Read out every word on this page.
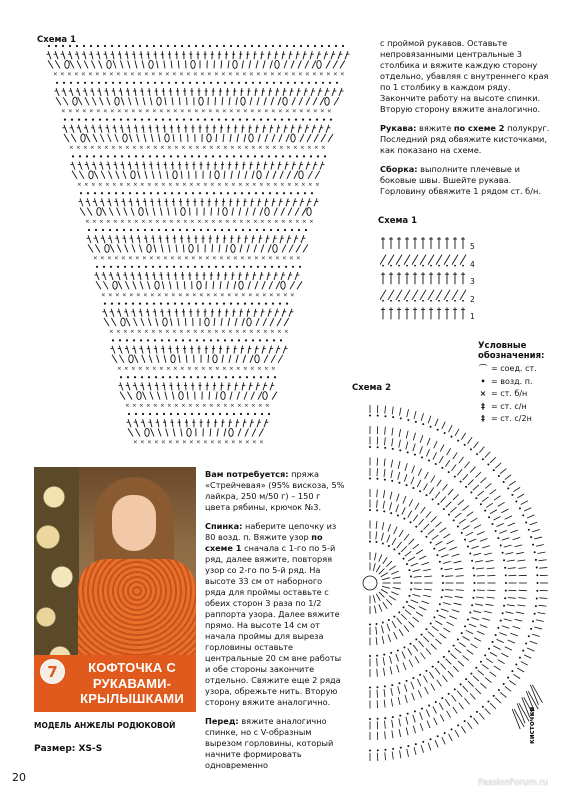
Схема 1
× × × × × × × × × × × × × × × × × × × × × × × × × × × × × × × × × × × × × × × × × ×
× × × × × × × × × × × × × × × × × × × × × × × × × × × × × × × × × × × × × × ×
× × × × × × × × × × × × × × × × × × × × × × × × × × × × × × × × × × × × ×
× × × × × × × × × × × × × × × × × × × × × × × × × × × × × × × × × × ×
× × × × × × × × × × × × × × × × × × × × × × × × × × × × × × × × ×
× × × × × × × × × × × × × × × × × × × × × × × × × × × × × ×
× × × × × × × × × × × × × × × × × × × × × × × × × × × ×
× × × × × × × × × × × × × × × × × × × × × × × × × ×
× × × × × × × × × × × × × × × × × × × × × × ×
× × × × × × × × × × × × × × × × × × × × ×
× × × × × × × × × × × × × × × × × × ×

с проймой рукавов. Оставьте непровязанными центральные 3 столбика и вяжите каждую сторону отдельно, убавляя с внутреннего края по 1 столбику в каждом ряду. Закончите работу на высоте спинки. Вторую сторону вяжите аналогично.

Рукава: вяжите по схеме 2 полукруг. Последний ряд обвяжите кисточками, как показано на схеме.

Сборка: выполните плечевые и боковые швы. Вшейте рукава. Горловину обвяжите 1 рядом ст. б/н.

Схема 1
5
4
3
2
1
Условные обозначения:
⌒ = соед. ст.
• = возд. п.
× = ст. б/н
‡ = ст. с/н
‡ = ст. с/2н
Схема 2
кисточки
7	КОФТОЧКА С РУКАВАМИ-КРЫЛЫШКАМИ
МОДЕЛЬ АНЖЕЛЫ РОДЮКОВОЙ

Вам потребуется: пряжа «Стрейчевая» (95% вискоза, 5% лайкра, 250 м/50 г) – 150 г цвета рябины, крючок №3.

Спинка: наберите цепочку из 80 возд. п. Вяжите узор по схеме 1 сначала с 1-го по 5-й ряд, далее вяжите, повторяя узор со 2-го по 5-й ряд. На высоте 33 см от наборного ряда для проймы оставьте с обеих сторон 3 раза по 1/2 раппорта узора. Далее вяжите прямо. На высоте 14 см от начала проймы для выреза горловины оставьте центральные 20 см вне работы и обе стороны закончите отдельно. Свяжите еще 2 ряда узора, обрежьте нить. Вторую сторону вяжите аналогично.

Перед: вяжите аналогично спинке, но с V-образным вырезом горловины, который начните формировать одновременно

Размер: XS-S
20	PassionForum.ru
